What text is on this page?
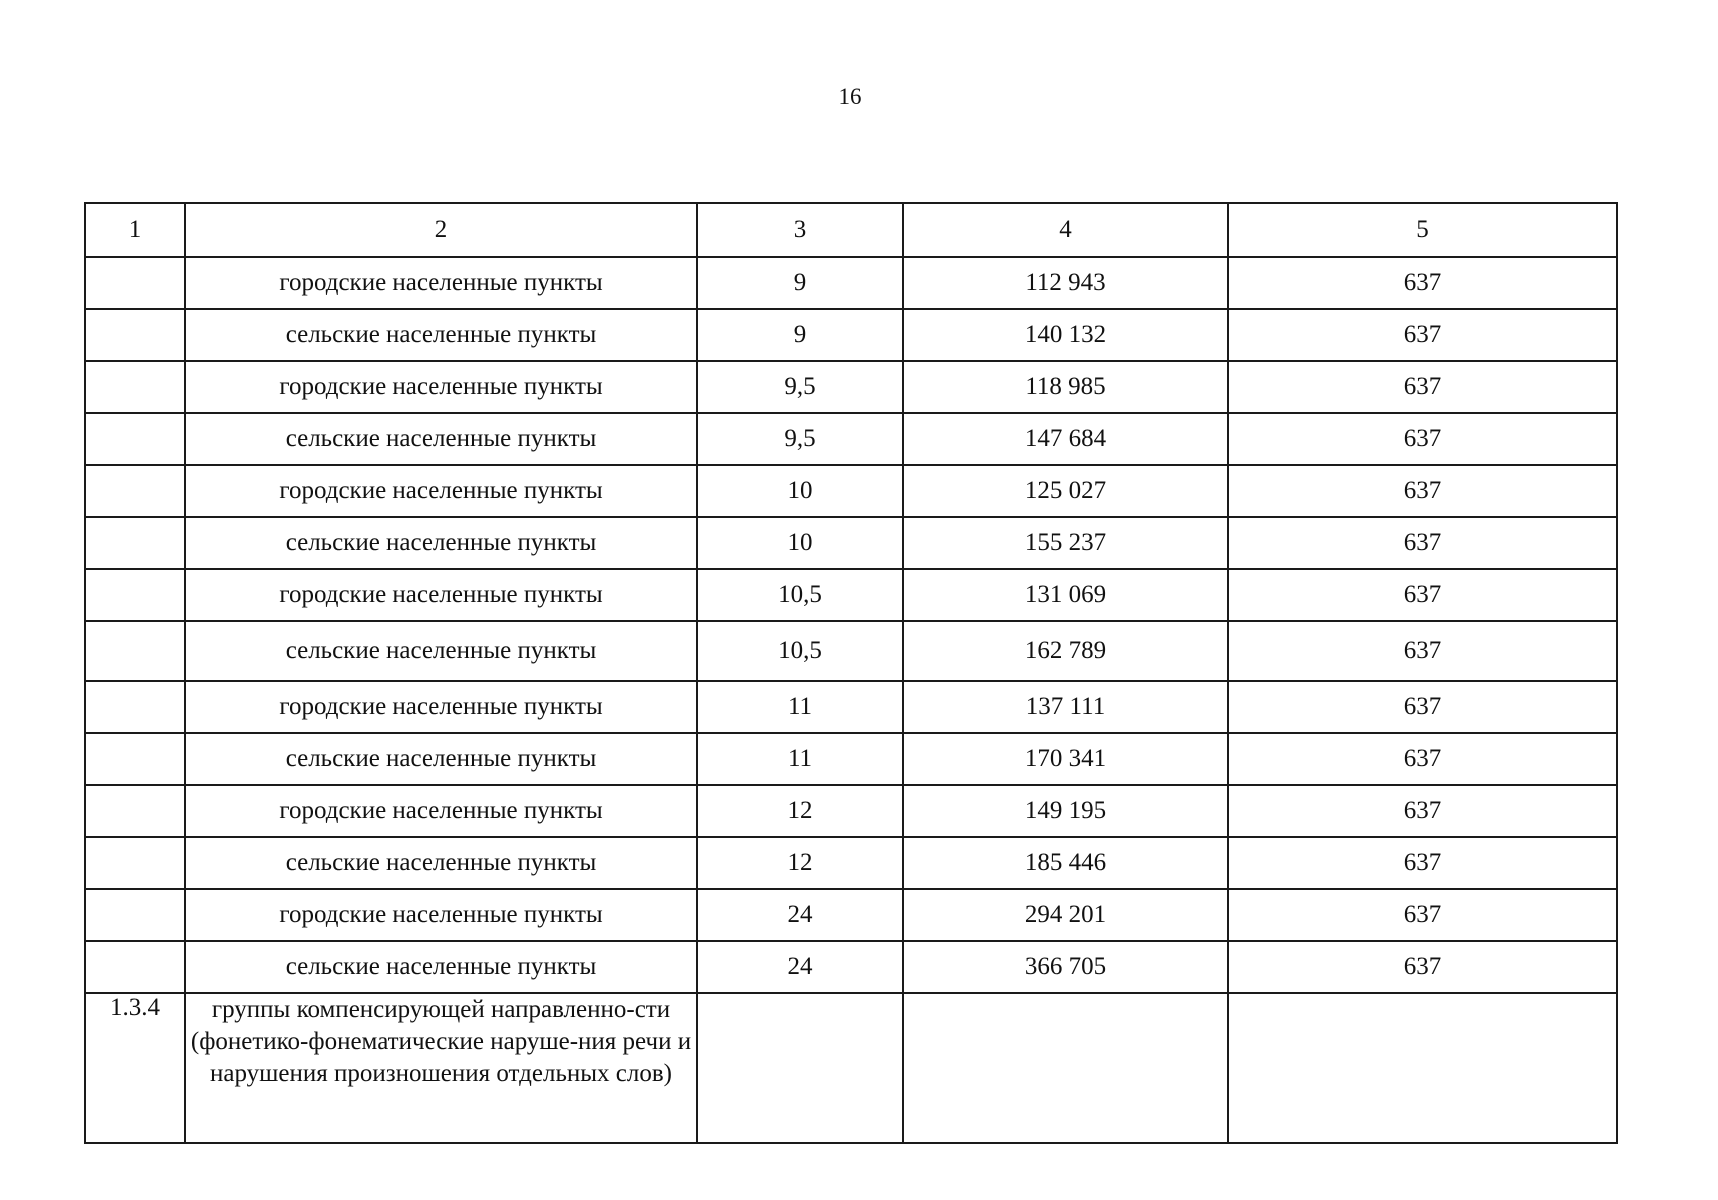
16
1	2	3	4	5
	городские населенные пункты	9	112 943	637
	сельские населенные пункты	9	140 132	637
	городские населенные пункты	9,5	118 985	637
	сельские населенные пункты	9,5	147 684	637
	городские населенные пункты	10	125 027	637
	сельские населенные пункты	10	155 237	637
	городские населенные пункты	10,5	131 069	637
	сельские населенные пункты	10,5	162 789	637
	городские населенные пункты	11	137 111	637
	сельские населенные пункты	11	170 341	637
	городские населенные пункты	12	149 195	637
	сельские населенные пункты	12	185 446	637
	городские населенные пункты	24	294 201	637
	сельские населенные пункты	24	366 705	637
1.3.4	группы компенсирующей направленно-сти (фонетико-фонематические наруше-ния речи и нарушения произношения отдельных слов)			
